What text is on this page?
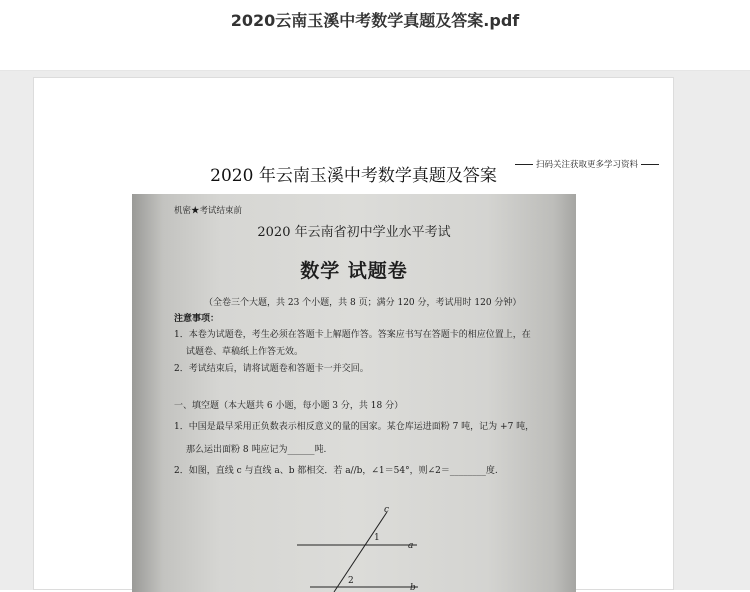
2020云南玉溪中考数学真题及答案.pdf
扫码关注获取更多学习资料
2020 年云南玉溪中考数学真题及答案
机密★考试结束前
2020 年云南省初中学业水平考试
数学 试题卷
（全卷三个大题，共 23 个小题，共 8 页；满分 120 分，考试用时 120 分钟）
注意事项：
1．本卷为试题卷，考生必须在答题卡上解题作答。答案应书写在答题卡的相应位置上，在
试题卷、草稿纸上作答无效。
2．考试结束后，请将试题卷和答题卡一并交回。
一、填空题（本大题共 6 小题，每小题 3 分，共 18 分）
1．中国是最早采用正负数表示相反意义的量的国家。某仓库运进面粉 7 吨，记为 +7 吨，
那么运出面粉 8 吨应记为______吨.
2．如图，直线 c 与直线 a、b 都相交．若 a//b，∠1＝54°，则∠2＝________度.
c
a
b
1
2
